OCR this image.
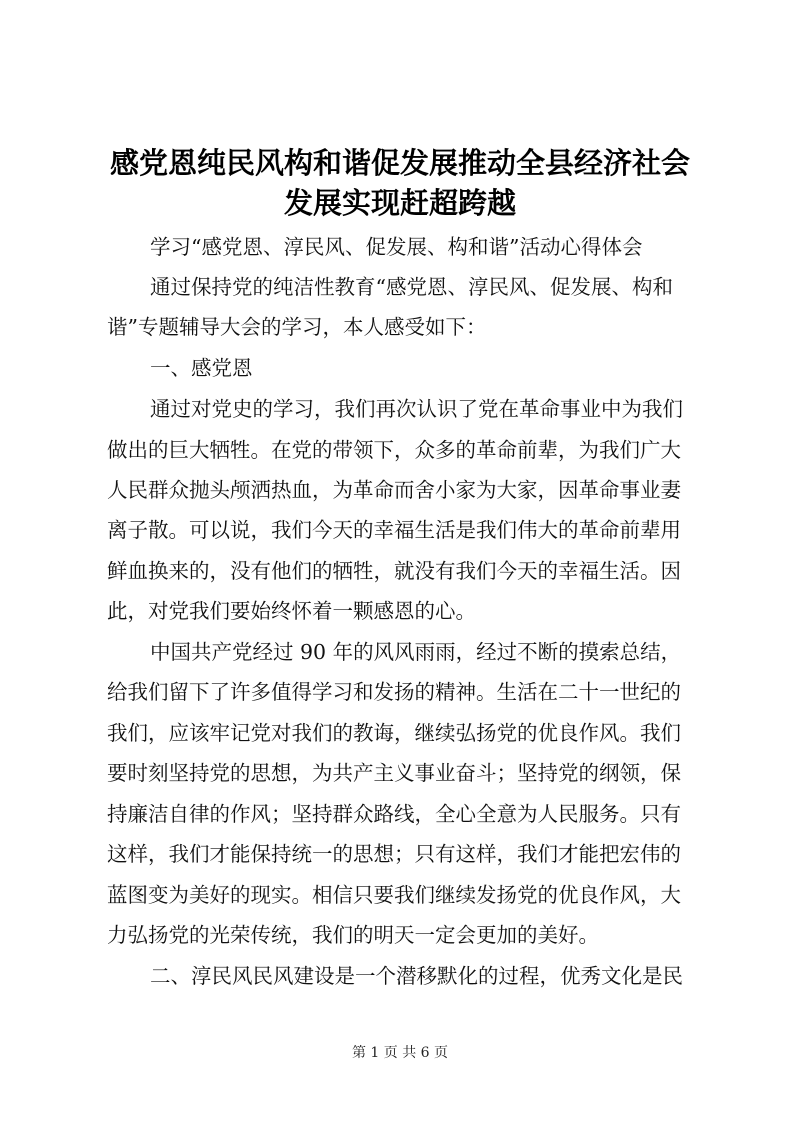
感党恩纯民风构和谐促发展推动全县经济社会
发展实现赶超跨越
学习“感党恩、淳民风、促发展、构和谐”活动心得体会
通过保持党的纯洁性教育“感党恩、淳民风、促发展、构和
谐”专题辅导大会的学习，本人感受如下：
一、感党恩
通过对党史的学习，我们再次认识了党在革命事业中为我们
做出的巨大牺牲。在党的带领下，众多的革命前辈，为我们广大
人民群众抛头颅洒热血，为革命而舍小家为大家，因革命事业妻
离子散。可以说，我们今天的幸福生活是我们伟大的革命前辈用
鲜血换来的，没有他们的牺牲，就没有我们今天的幸福生活。因
此，对党我们要始终怀着一颗感恩的心。
中国共产党经过 90 年的风风雨雨，经过不断的摸索总结，
给我们留下了许多值得学习和发扬的精神。生活在二十一世纪的
我们，应该牢记党对我们的教诲，继续弘扬党的优良作风。我们
要时刻坚持党的思想，为共产主义事业奋斗；坚持党的纲领，保
持廉洁自律的作风；坚持群众路线，全心全意为人民服务。只有
这样，我们才能保持统一的思想；只有这样，我们才能把宏伟的
蓝图变为美好的现实。相信只要我们继续发扬党的优良作风，大
力弘扬党的光荣传统，我们的明天一定会更加的美好。
二、淳民风民风建设是一个潜移默化的过程，优秀文化是民
第 1 页 共 6 页
